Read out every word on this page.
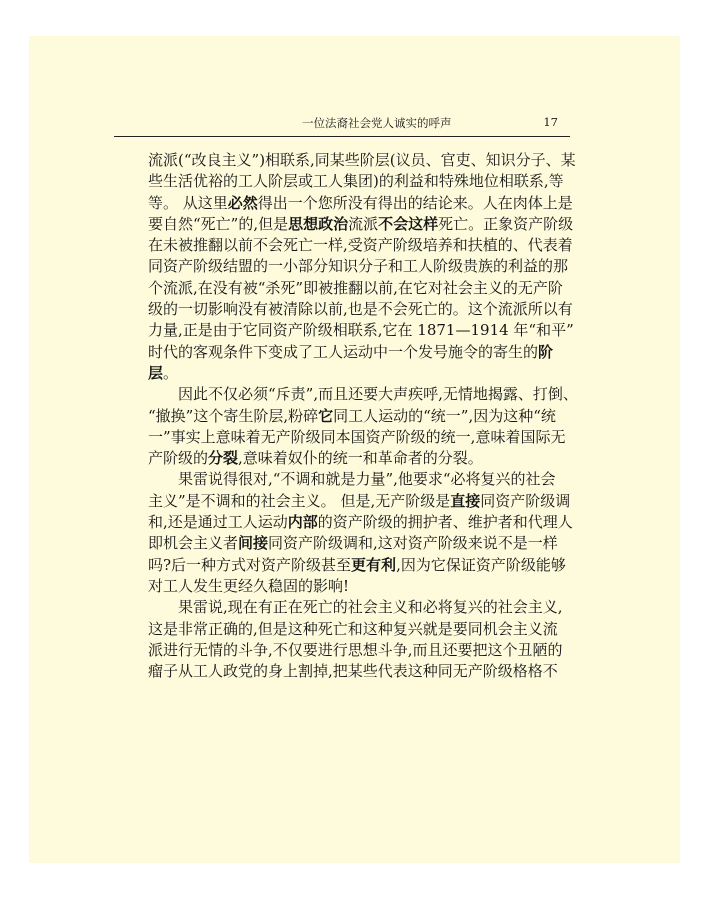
一位法裔社会党人诚实的呼声	17
流派(“改良主义”)相联系,同某些阶层(议员、官吏、知识分子、某
些生活优裕的工人阶层或工人集团)的利益和特殊地位相联系,等
等。 从这里必然得出一个您所没有得出的结论来。人在肉体上是
要自然“死亡”的,但是思想政治流派不会这样死亡。正象资产阶级
在未被推翻以前不会死亡一样,受资产阶级培养和扶植的、代表着
同资产阶级结盟的一小部分知识分子和工人阶级贵族的利益的那
个流派,在没有被“杀死”即被推翻以前,在它对社会主义的无产阶
级的一切影响没有被清除以前,也是不会死亡的。这个流派所以有
力量,正是由于它同资产阶级相联系,它在 1871—1914 年“和平”
时代的客观条件下变成了工人运动中一个发号施令的寄生的阶
层。
因此不仅必须“斥责”,而且还要大声疾呼,无情地揭露、打倒、
“撤换”这个寄生阶层,粉碎它同工人运动的“统一”,因为这种“统
一”事实上意味着无产阶级同本国资产阶级的统一,意味着国际无
产阶级的分裂,意味着奴仆的统一和革命者的分裂。
果雷说得很对,“不调和就是力量”,他要求“必将复兴的社会
主义”是不调和的社会主义。 但是,无产阶级是直接同资产阶级调
和,还是通过工人运动内部的资产阶级的拥护者、维护者和代理人
即机会主义者间接同资产阶级调和,这对资产阶级来说不是一样
吗?后一种方式对资产阶级甚至更有利,因为它保证资产阶级能够
对工人发生更经久稳固的影响!
果雷说,现在有正在死亡的社会主义和必将复兴的社会主义,
这是非常正确的,但是这种死亡和这种复兴就是要同机会主义流
派进行无情的斗争,不仅要进行思想斗争,而且还要把这个丑陋的
瘤子从工人政党的身上割掉,把某些代表这种同无产阶级格格不
